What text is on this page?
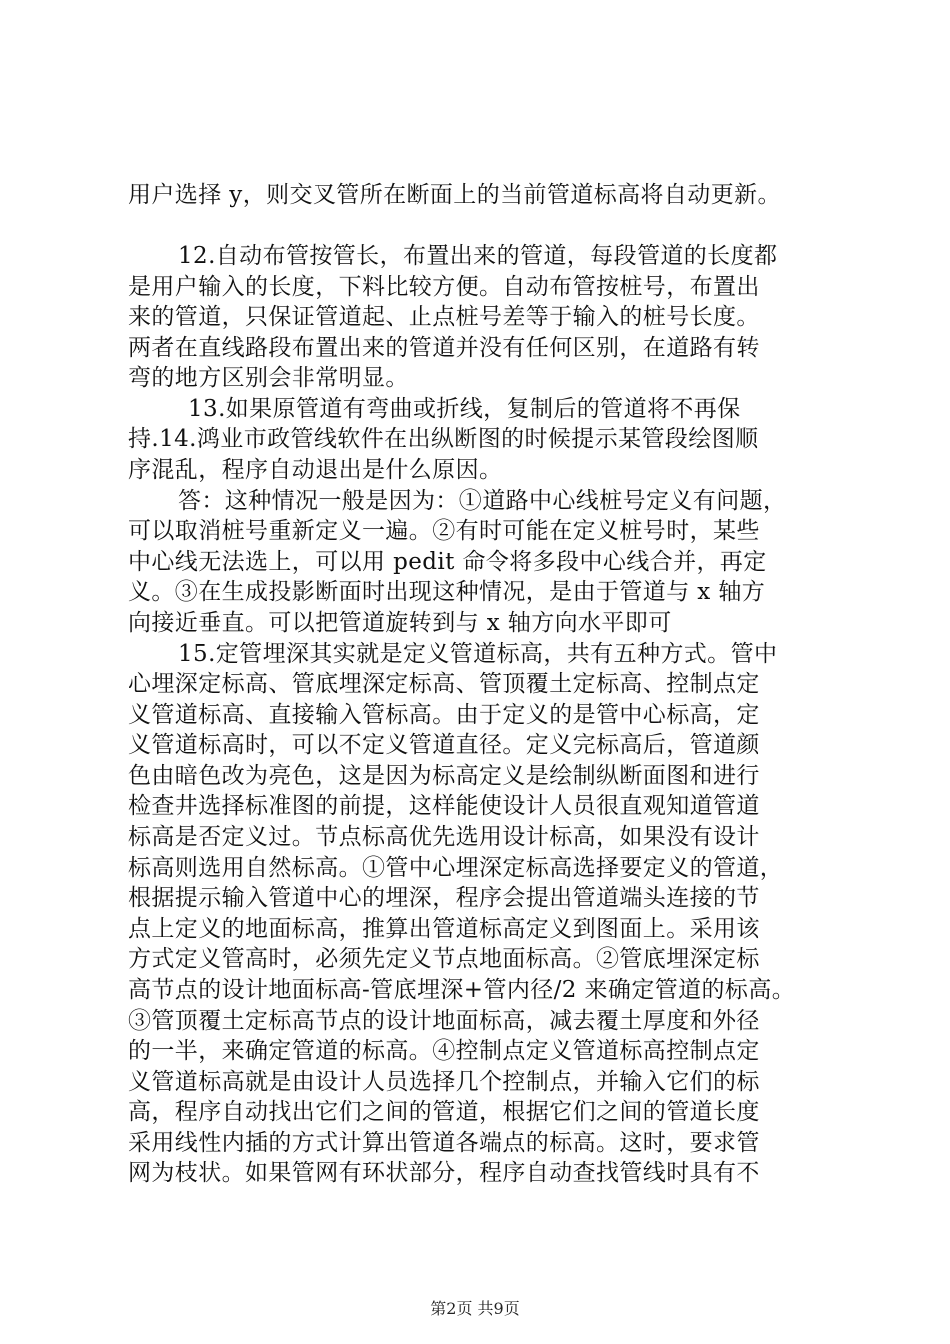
用户选择 y，则交叉管所在断面上的当前管道标高将自动更新。
12.自动布管按管长，布置出来的管道，每段管道的长度都
是用户输入的长度，下料比较方便。自动布管按桩号，布置出
来的管道，只保证管道起、止点桩号差等于输入的桩号长度。
两者在直线路段布置出来的管道并没有任何区别，在道路有转
弯的地方区别会非常明显。
13.如果原管道有弯曲或折线，复制后的管道将不再保
持.14.鸿业市政管线软件在出纵断图的时候提示某管段绘图顺
序混乱，程序自动退出是什么原因。
答：这种情况一般是因为：①道路中心线桩号定义有问题，
可以取消桩号重新定义一遍。②有时可能在定义桩号时，某些
中心线无法选上，可以用 pedit 命令将多段中心线合并，再定
义。③在生成投影断面时出现这种情况，是由于管道与 x 轴方
向接近垂直。可以把管道旋转到与 x 轴方向水平即可
15.定管埋深其实就是定义管道标高，共有五种方式。管中
心埋深定标高、管底埋深定标高、管顶覆土定标高、控制点定
义管道标高、直接输入管标高。由于定义的是管中心标高，定
义管道标高时，可以不定义管道直径。定义完标高后，管道颜
色由暗色改为亮色，这是因为标高定义是绘制纵断面图和进行
检查井选择标准图的前提，这样能使设计人员很直观知道管道
标高是否定义过。节点标高优先选用设计标高，如果没有设计
标高则选用自然标高。①管中心埋深定标高选择要定义的管道，
根据提示输入管道中心的埋深，程序会提出管道端头连接的节
点上定义的地面标高，推算出管道标高定义到图面上。采用该
方式定义管高时，必须先定义节点地面标高。②管底埋深定标
高节点的设计地面标高-管底埋深+管内径/2 来确定管道的标高。
③管顶覆土定标高节点的设计地面标高，减去覆土厚度和外径
的一半，来确定管道的标高。④控制点定义管道标高控制点定
义管道标高就是由设计人员选择几个控制点，并输入它们的标
高，程序自动找出它们之间的管道，根据它们之间的管道长度
采用线性内插的方式计算出管道各端点的标高。这时，要求管
网为枝状。如果管网有环状部分，程序自动查找管线时具有不
第2页 共9页
